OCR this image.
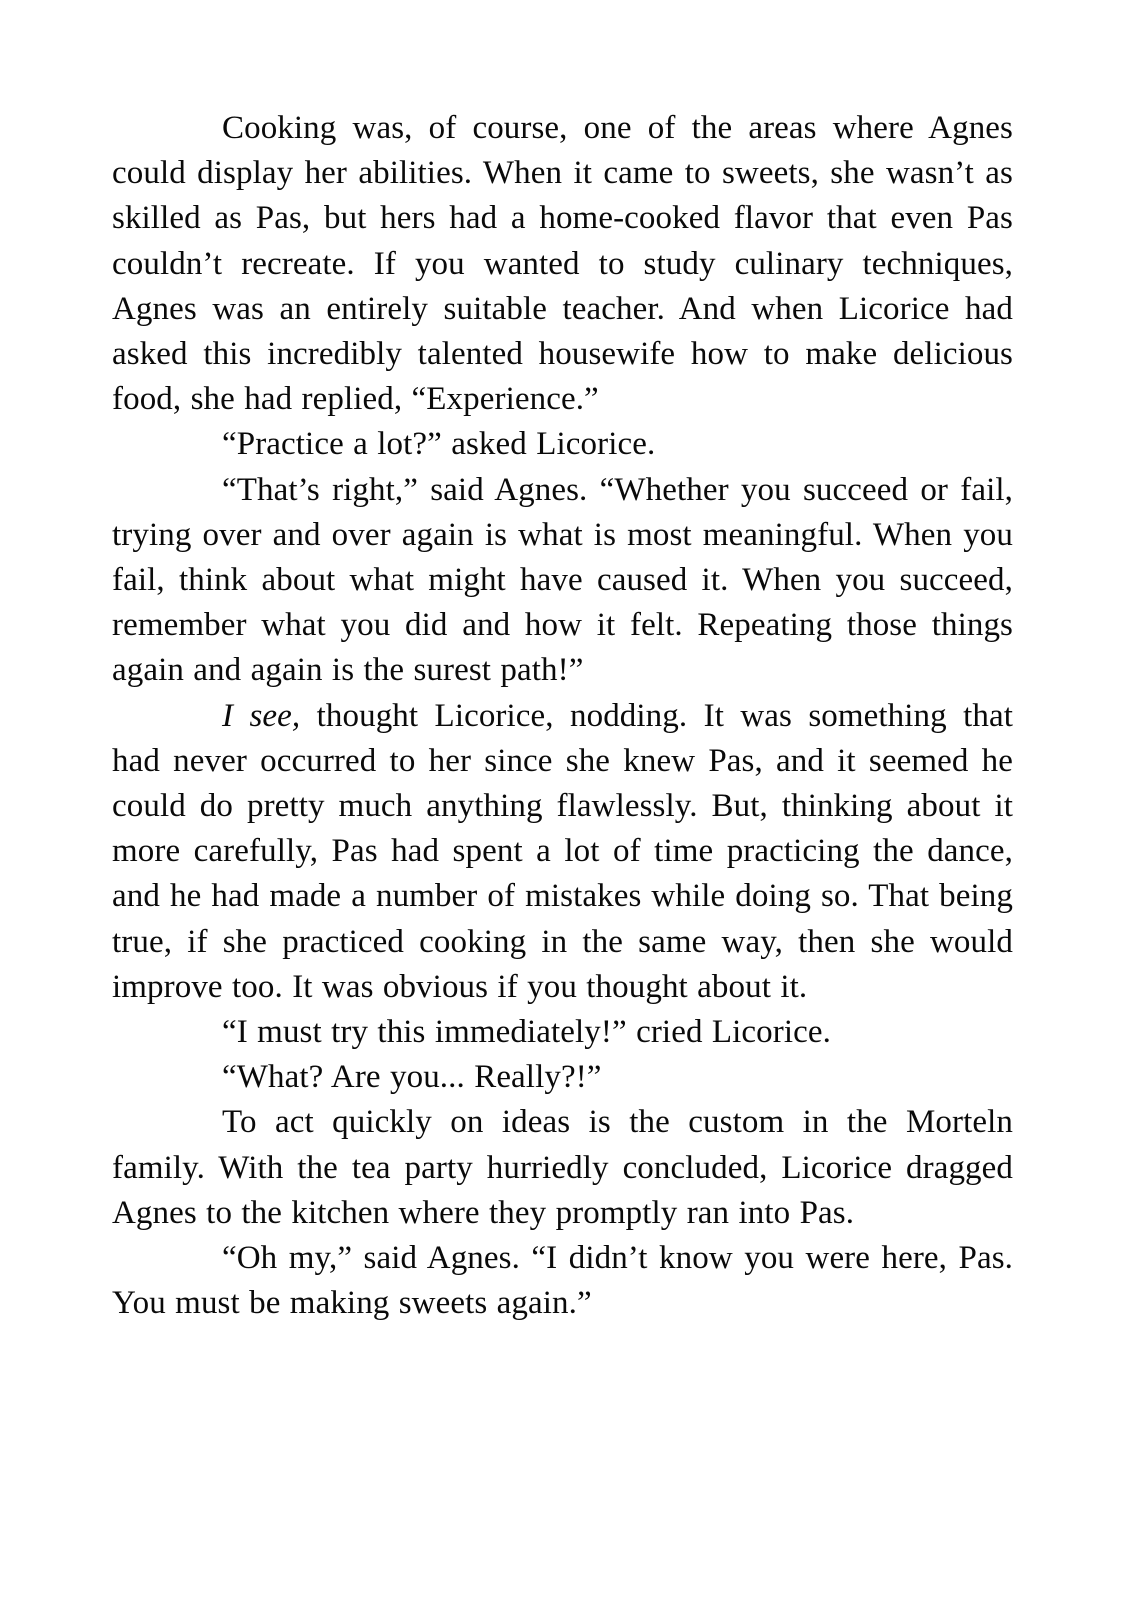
Cooking was, of course, one of the areas where Agnes could display her abilities. When it came to sweets, she wasn’t as skilled as Pas, but hers had a home-cooked flavor that even Pas couldn’t recreate. If you wanted to study culinary techniques, Agnes was an entirely suitable teacher. And when Licorice had asked this incredibly talented housewife how to make delicious food, she had replied, “Experience.”

“Practice a lot?” asked Licorice.

“That’s right,” said Agnes. “Whether you succeed or fail, trying over and over again is what is most meaningful. When you fail, think about what might have caused it. When you succeed, remember what you did and how it felt. Repeating those things again and again is the surest path!”

I see, thought Licorice, nodding. It was something that had never occurred to her since she knew Pas, and it seemed he could do pretty much anything flawlessly. But, thinking about it more carefully, Pas had spent a lot of time practicing the dance, and he had made a number of mistakes while doing so. That being true, if she practiced cooking in the same way, then she would improve too. It was obvious if you thought about it.

“I must try this immediately!” cried Licorice.

“What? Are you... Really?!”

To act quickly on ideas is the custom in the Morteln family. With the tea party hurriedly concluded, Licorice dragged Agnes to the kitchen where they promptly ran into Pas.

“Oh my,” said Agnes. “I didn’t know you were here, Pas. You must be making sweets again.”
